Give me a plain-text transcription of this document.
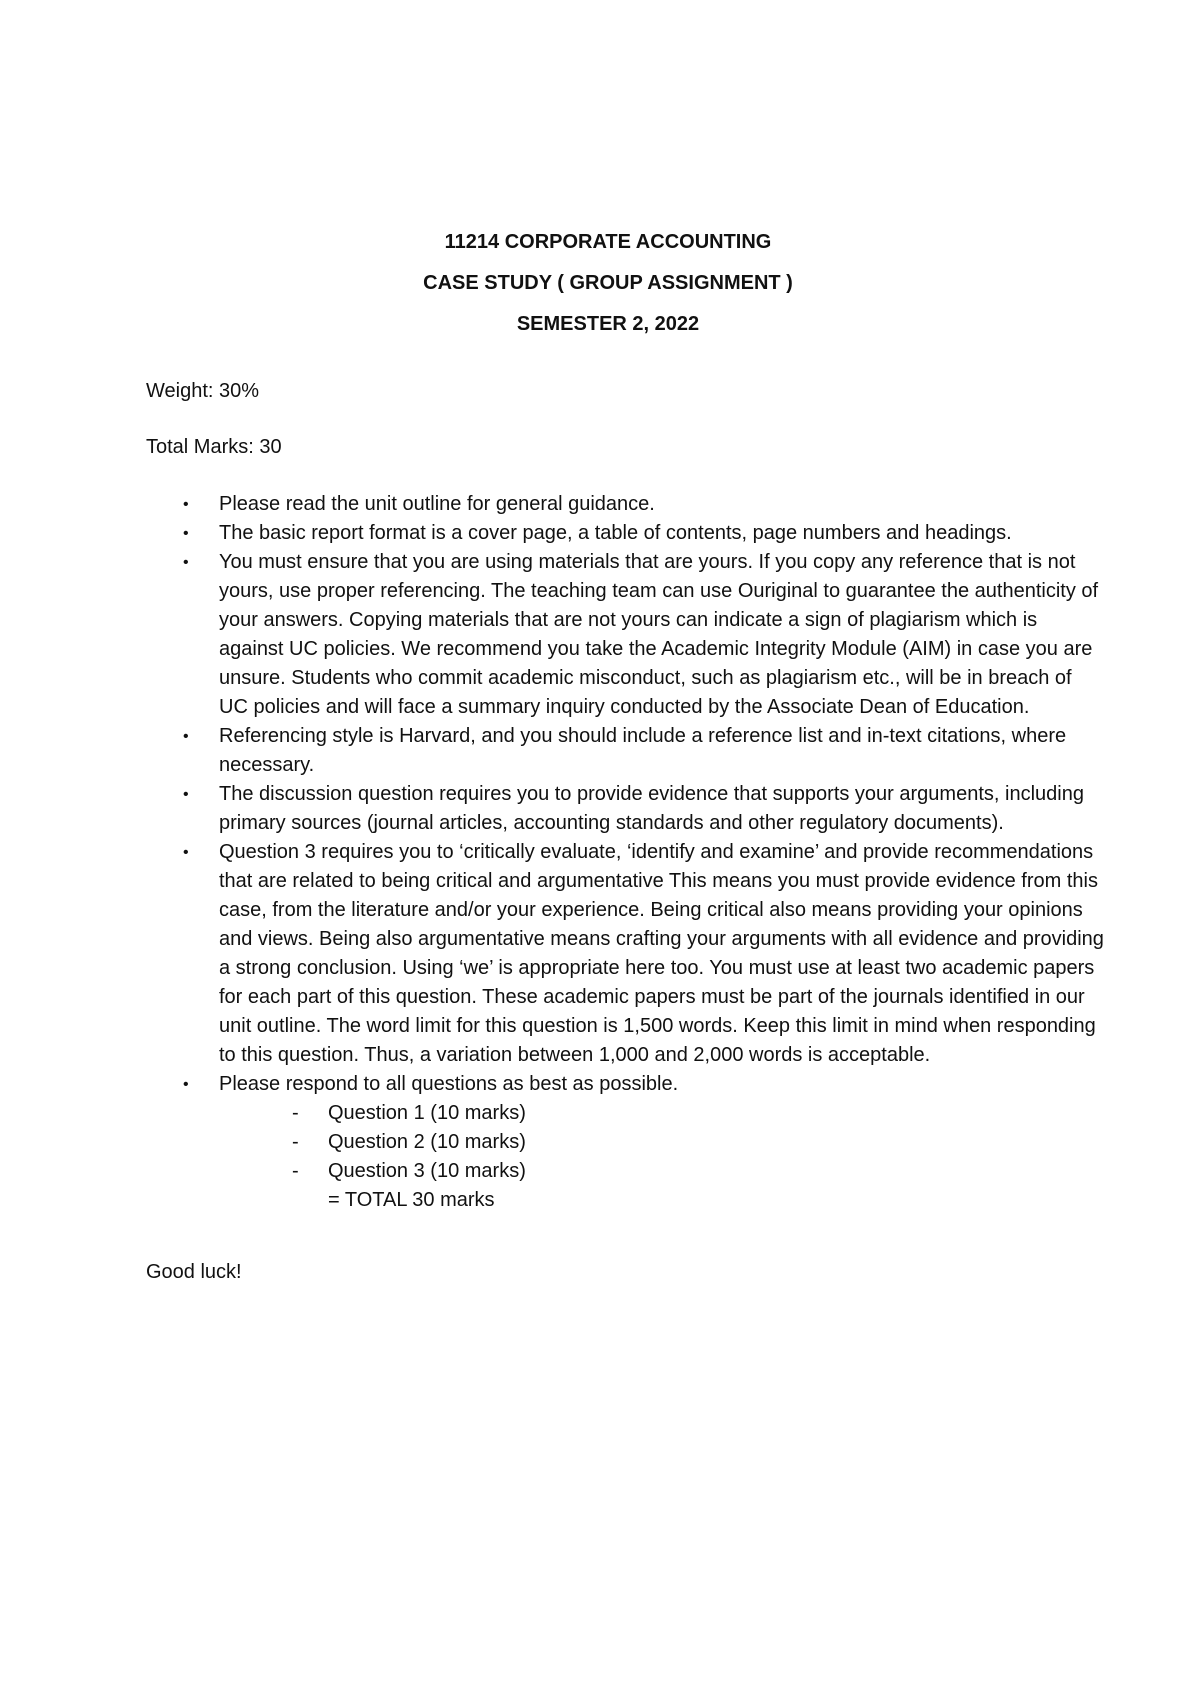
11214 CORPORATE ACCOUNTING

CASE STUDY ( GROUP ASSIGNMENT )

SEMESTER 2, 2022

Weight: 30%

Total Marks: 30

• Please read the unit outline for general guidance.
• The basic report format is a cover page, a table of contents, page numbers and headings.
• You must ensure that you are using materials that are yours. If you copy any reference that is not yours, use proper referencing. The teaching team can use Ouriginal to guarantee the authenticity of your answers. Copying materials that are not yours can indicate a sign of plagiarism which is against UC policies. We recommend you take the Academic Integrity Module (AIM) in case you are unsure. Students who commit academic misconduct, such as plagiarism etc., will be in breach of UC policies and will face a summary inquiry conducted by the Associate Dean of Education.
• Referencing style is Harvard, and you should include a reference list and in-text citations, where necessary.
• The discussion question requires you to provide evidence that supports your arguments, including primary sources (journal articles, accounting standards and other regulatory documents).
• Question 3 requires you to ‘critically evaluate, ‘identify and examine’ and provide recommendations that are related to being critical and argumentative This means you must provide evidence from this case, from the literature and/or your experience. Being critical also means providing your opinions and views. Being also argumentative means crafting your arguments with all evidence and providing a strong conclusion. Using ‘we’ is appropriate here too. You must use at least two academic papers for each part of this question. These academic papers must be part of the journals identified in our unit outline. The word limit for this question is 1,500 words. Keep this limit in mind when responding to this question. Thus, a variation between 1,000 and 2,000 words is acceptable.
• Please respond to all questions as best as possible.
- Question 1 (10 marks)
- Question 2 (10 marks)
- Question 3 (10 marks)

= TOTAL 30 marks

Good luck!
